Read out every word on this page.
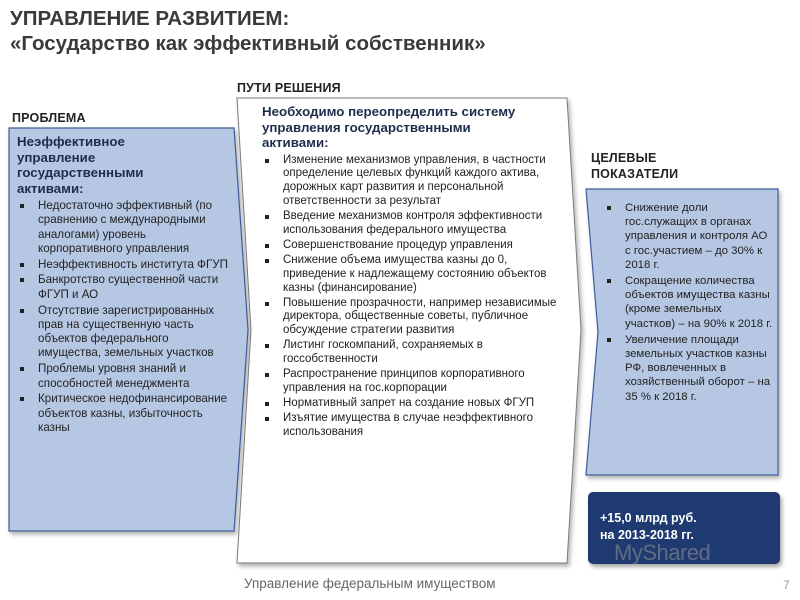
УПРАВЛЕНИЕ РАЗВИТИЕМ:
«Государство как эффективный собственник»
ПРОБЛЕМА
ПУТИ РЕШЕНИЯ
ЦЕЛЕВЫЕ
ПОКАЗАТЕЛИ
Неэффективное
управление
государственными
активами:
Недостаточно эффективный (по сравнению с международными аналогами) уровень корпоративного управления
Неэффективность института ФГУП
Банкротство существенной части ФГУП и АО
Отсутствие зарегистрированных прав на существенную часть объектов федерального имущества, земельных участков
Проблемы уровня знаний и способностей менеджмента
Критическое недофинансирование объектов казны, избыточность казны
Необходимо переопределить систему
управления государственными
активами:
Изменение механизмов управления, в частности определение целевых функций каждого актива, дорожных карт развития и персональной ответственности за результат
Введение механизмов контроля эффективности использования федерального имущества
Совершенствование процедур управления
Снижение объема имущества казны до 0, приведение к надлежащему состоянию объектов казны (финансирование)
Повышение прозрачности, например независимые директора, общественные советы, публичное обсуждение стратегии развития
Листинг госкомпаний, сохраняемых в госсобственности
Распространение принципов корпоративного управления на гос.корпорации
Нормативный запрет на создание новых ФГУП
Изъятие имущества в случае неэффективного использования
Снижение доли гос.служащих в органах управления и контроля АО с гос.участием – до 30% к 2018 г.
Сокращение количества объектов имущества казны (кроме земельных участков) – на 90% к 2018 г.
Увеличение площади земельных участков казны РФ, вовлеченных в хозяйственный оборот – на 35 % к 2018 г.
+15,0 млрд руб.
на 2013-2018 гг.
MyShared
Управление федеральным имуществом	7
